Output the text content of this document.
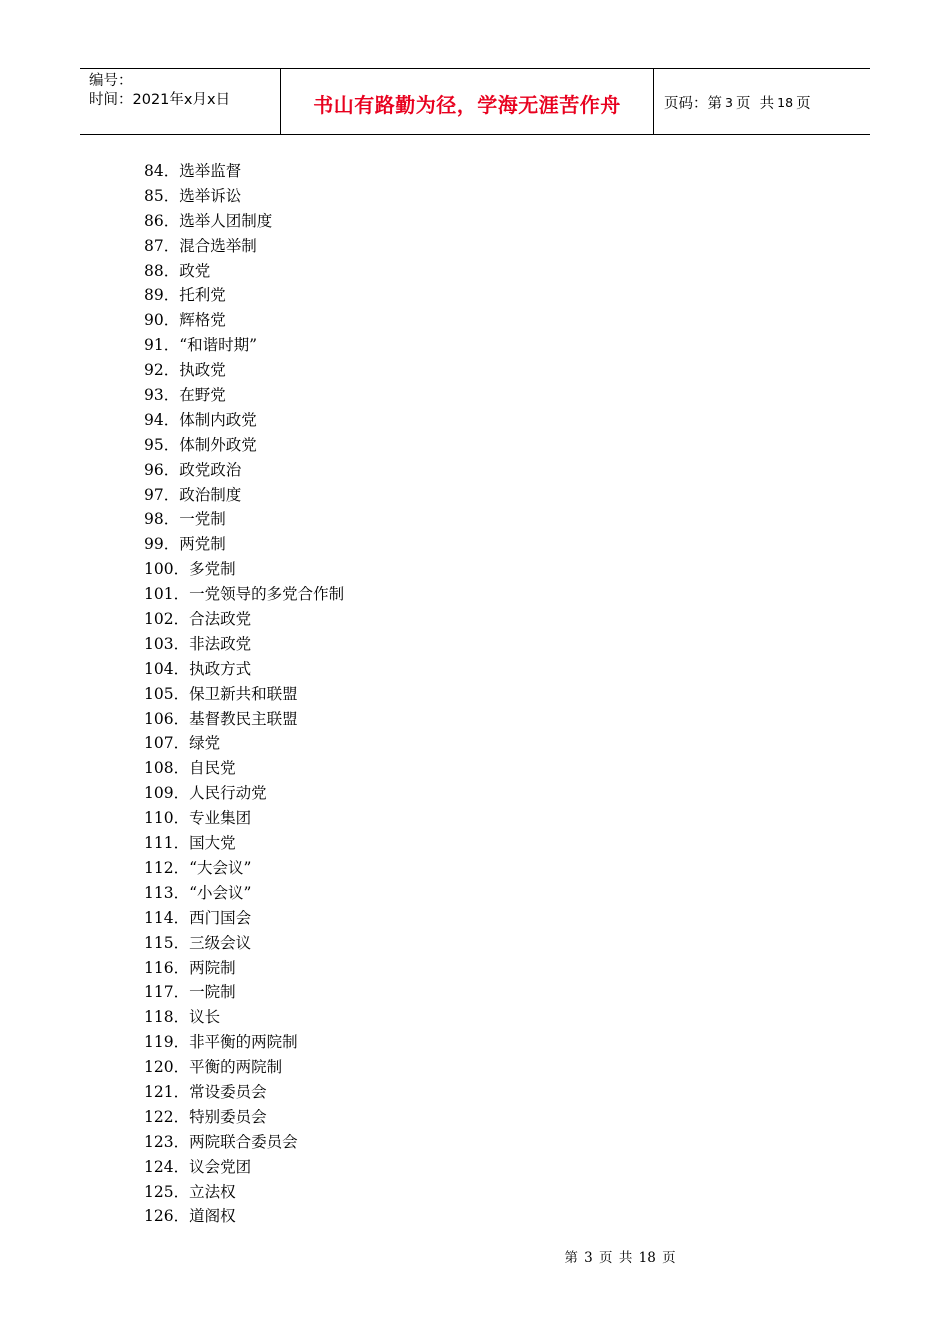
编号：
时间：2021年x月x日	书山有路勤为径，学海无涯苦作舟	页码：第 3 页  共 18 页
84．选举监督
85．选举诉讼
86．选举人团制度
87．混合选举制
88．政党
89．托利党
90．辉格党
91．“和谐时期”
92．执政党
93．在野党
94．体制内政党
95．体制外政党
96．政党政治
97．政治制度
98．一党制
99．两党制
100．多党制
101．一党领导的多党合作制
102．合法政党
103．非法政党
104．执政方式
105．保卫新共和联盟
106．基督教民主联盟
107．绿党
108．自民党
109．人民行动党
110．专业集团
111．国大党
112．“大会议”
113．“小会议”
114．西门国会
115．三级会议
116．两院制
117．一院制
118．议长
119．非平衡的两院制
120．平衡的两院制
121．常设委员会
122．特别委员会
123．两院联合委员会
124．议会党团
125．立法权
126．道阁权
第 3 页 共 18 页
